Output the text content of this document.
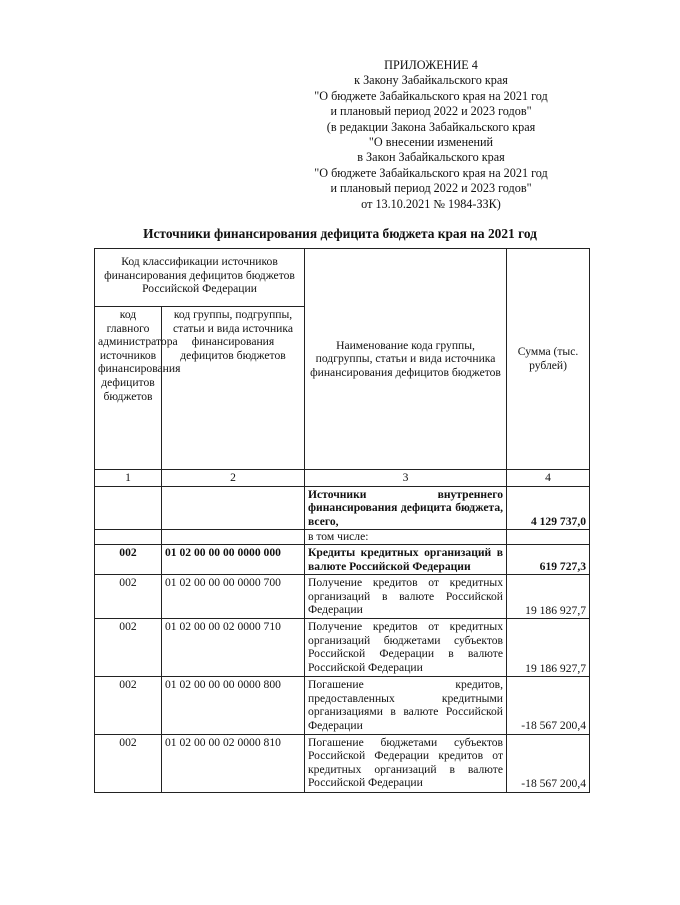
ПРИЛОЖЕНИЕ 4
к Закону Забайкальского края
"О бюджете Забайкальского края на 2021 год
и плановый период 2022 и 2023 годов"
(в редакции Закона Забайкальского края
"О внесении изменений
в Закон Забайкальского края
"О бюджете Забайкальского края на 2021 год
и плановый период 2022 и 2023 годов"
от 13.10.2021 № 1984-ЗЗК)
Источники финансирования дефицита бюджета края на 2021 год
Код классификации источников финансирования дефицитов бюджетов Российской Федерации		Наименование кода группы, подгруппы, статьи и вида источника финансирования дефицитов бюджетов	Сумма (тыс. рублей)
код главного администратора источников финансирования дефицитов бюджетов	код группы, подгруппы, статьи и вида источника финансирования дефицитов бюджетов		
1	2	3	4
		Источники внутреннего финансирования дефицита бюджета, всего,	4 129 737,0
		в том числе:	
002	01 02 00 00 00 0000 000	Кредиты кредитных организаций в валюте Российской Федерации	619 727,3
002	01 02 00 00 00 0000 700	Получение кредитов от кредитных организаций в валюте Российской Федерации	19 186 927,7
002	01 02 00 00 02 0000 710	Получение кредитов от кредитных организаций бюджетами субъектов Российской Федерации в валюте Российской Федерации	19 186 927,7
002	01 02 00 00 00 0000 800	Погашение кредитов, предоставленных кредитными организациями в валюте Российской Федерации	-18 567 200,4
002	01 02 00 00 02 0000 810	Погашение бюджетами субъектов Российской Федерации кредитов от кредитных организаций в валюте Российской Федерации	-18 567 200,4
